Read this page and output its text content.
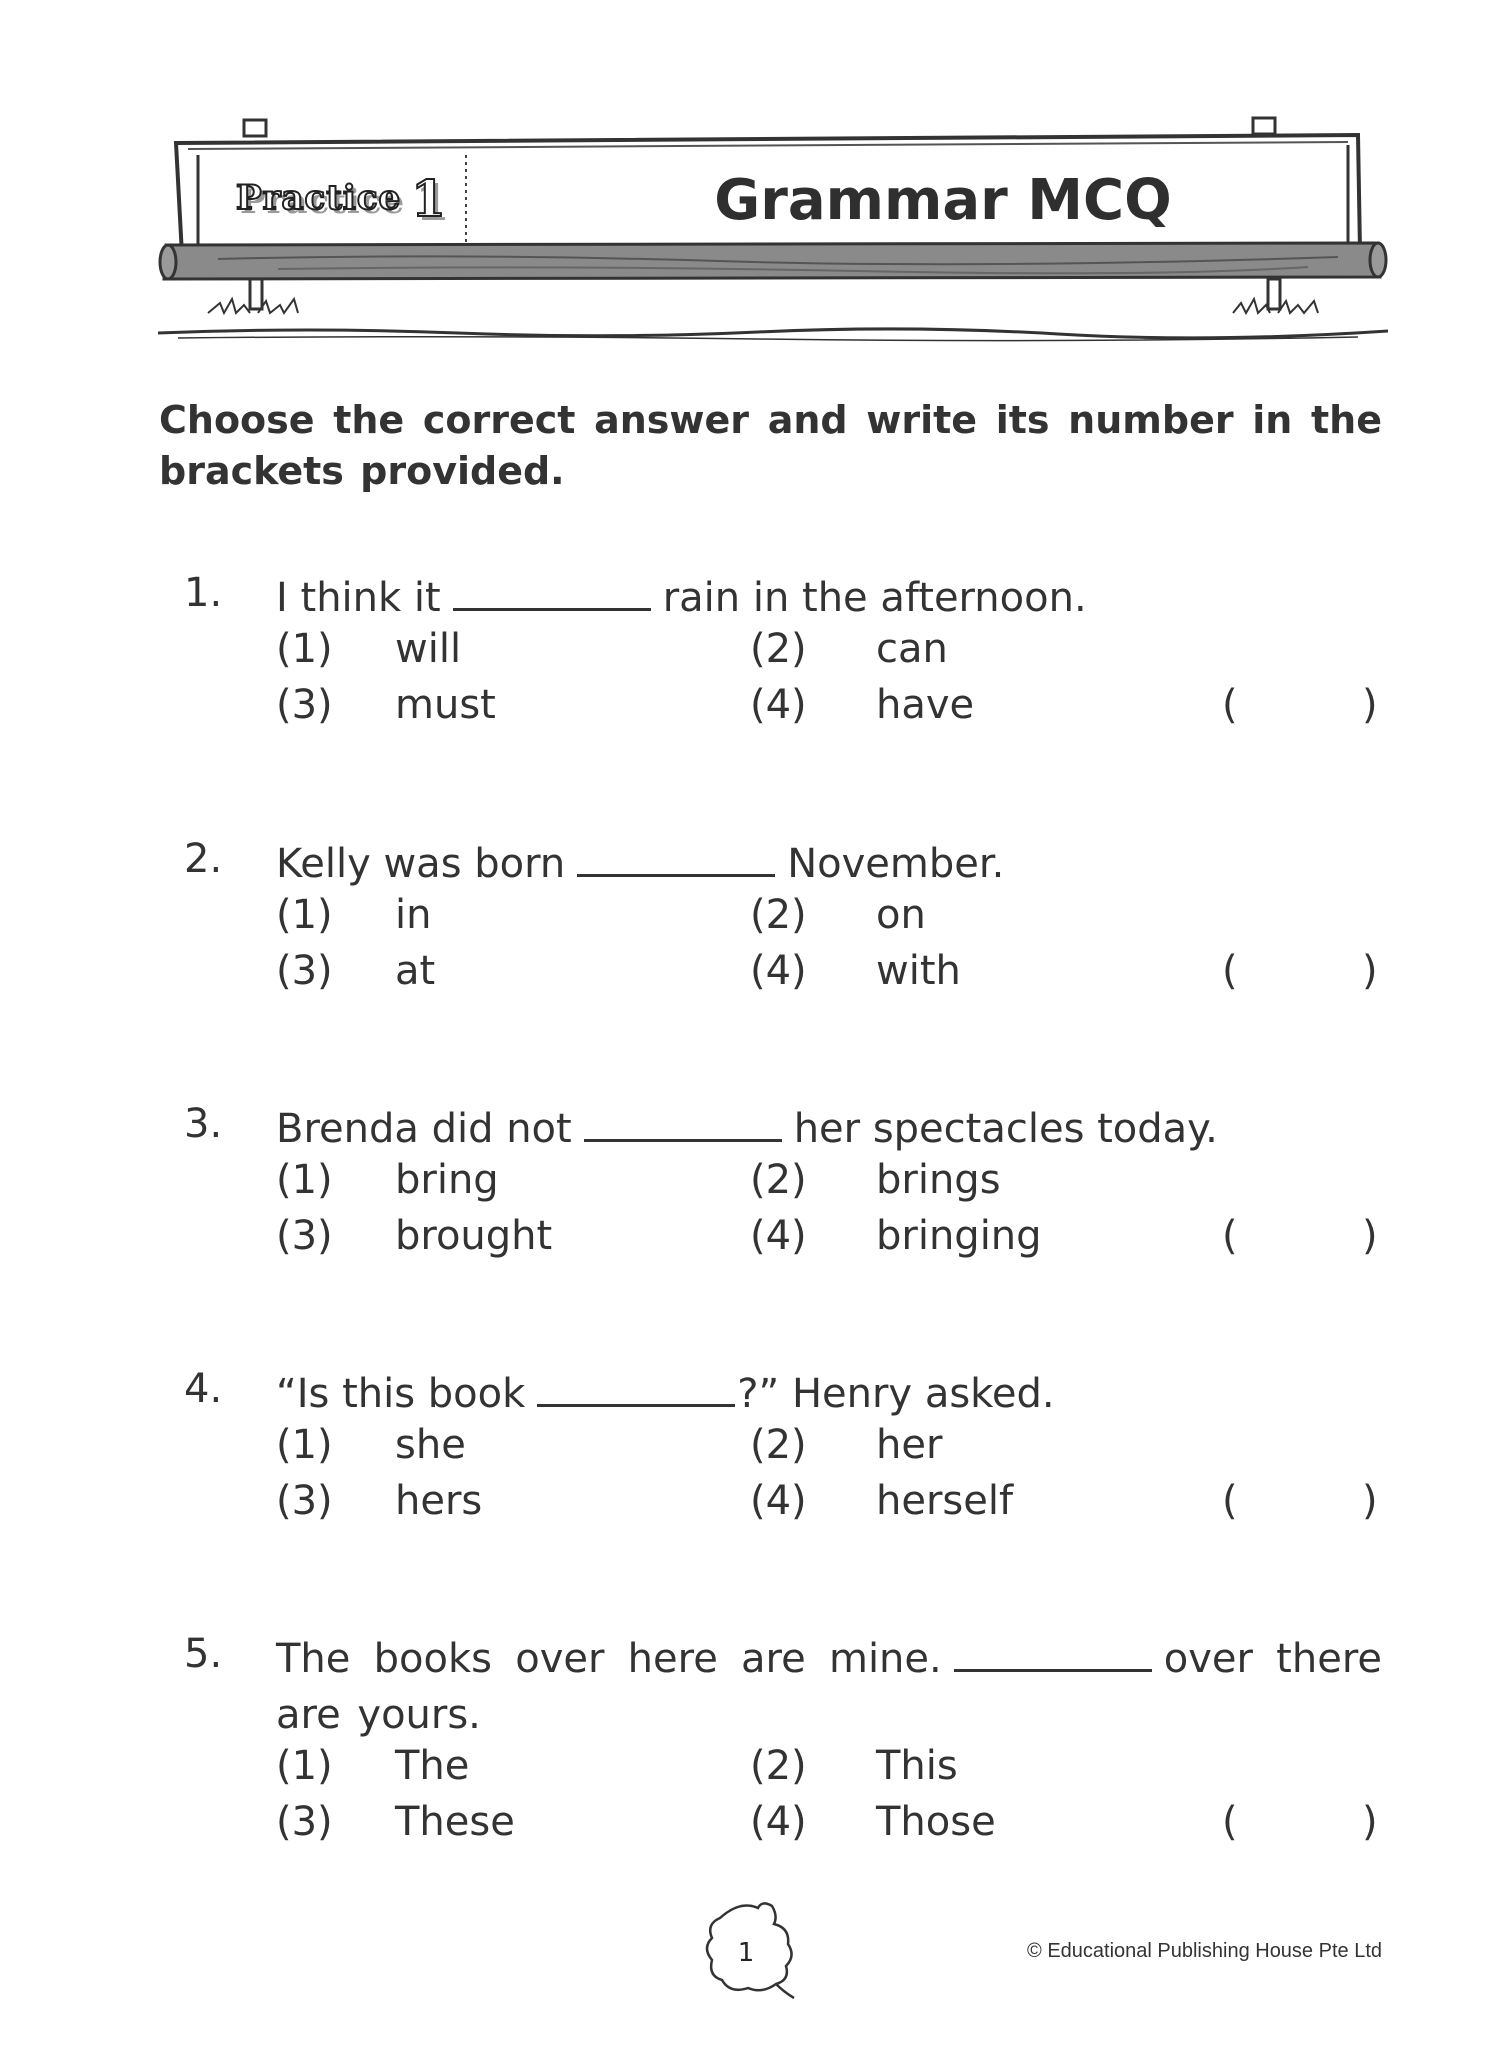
Practice 1	Grammar MCQ
Choose the correct answer and write its number in the brackets provided.
1. I think it	rain in the afternoon.
(1) will	(2) can
(3) must	(4) have	(	)
2. Kelly was born	November.
(1) in	(2) on
(3) at	(4) with	(	)
3. Brenda did not	her spectacles today.
(1) bring	(2) brings
(3) brought	(4) bringing	(	)
4. “Is this book	?” Henry asked.
(1) she	(2) her
(3) hers	(4) herself	(	)
5. The books over here are mine.	over there are yours.
(1) The	(2) This
(3) These	(4) Those	(	)
1	© Educational Publishing House Pte Ltd
